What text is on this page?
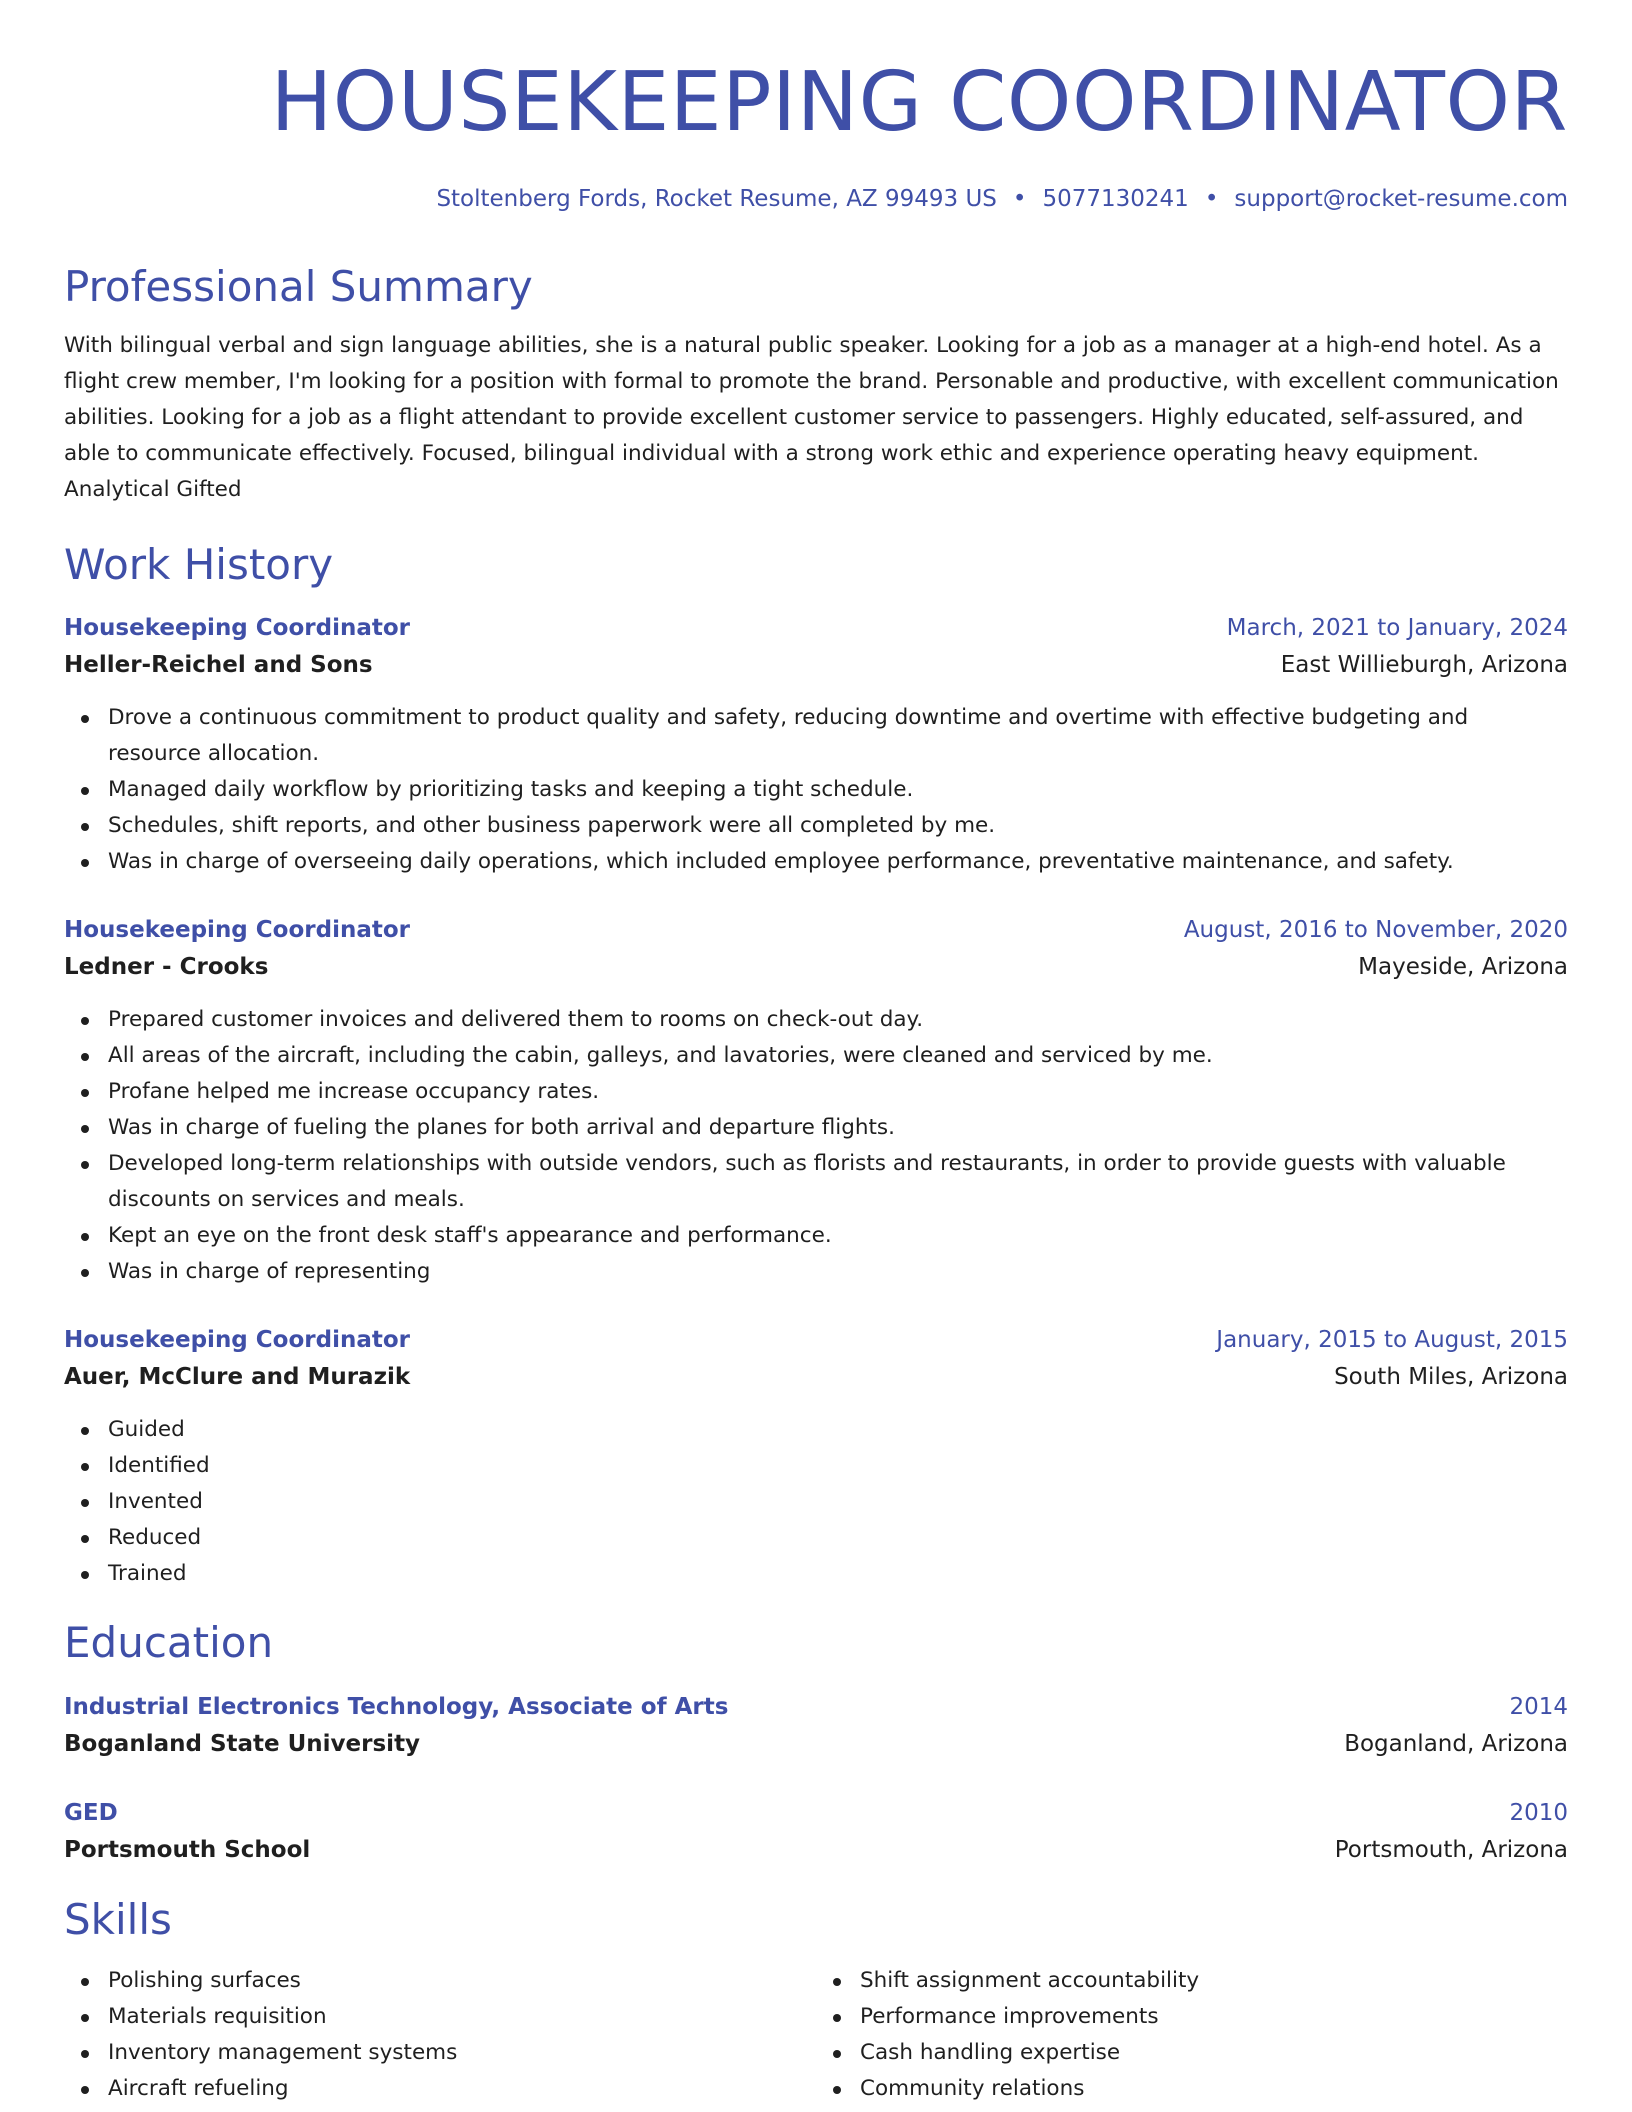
HOUSEKEEPING COORDINATOR
Stoltenberg Fords, Rocket Resume, AZ 99493 US • 5077130241 • support@rocket-resume.com
Professional Summary

With bilingual verbal and sign language abilities, she is a natural public speaker. Looking for a job as a manager at a high-end hotel. As a flight crew member, I'm looking for a position with formal to promote the brand. Personable and productive, with excellent communication abilities. Looking for a job as a flight attendant to provide excellent customer service to passengers. Highly educated, self-assured, and able to communicate effectively. Focused, bilingual individual with a strong work ethic and experience operating heavy equipment. Analytical Gifted

Work History
Housekeeping Coordinator	March, 2021 to January, 2024
Heller-Reichel and Sons	East Willieburgh, Arizona
Drove a continuous commitment to product quality and safety, reducing downtime and overtime with effective budgeting and resource allocation.
Managed daily workflow by prioritizing tasks and keeping a tight schedule.
Schedules, shift reports, and other business paperwork were all completed by me.
Was in charge of overseeing daily operations, which included employee performance, preventative maintenance, and safety.
Housekeeping Coordinator	August, 2016 to November, 2020
Ledner - Crooks	Mayeside, Arizona
Prepared customer invoices and delivered them to rooms on check-out day.
All areas of the aircraft, including the cabin, galleys, and lavatories, were cleaned and serviced by me.
Profane helped me increase occupancy rates.
Was in charge of fueling the planes for both arrival and departure flights.
Developed long-term relationships with outside vendors, such as florists and restaurants, in order to provide guests with valuable discounts on services and meals.
Kept an eye on the front desk staff's appearance and performance.
Was in charge of representing
Housekeeping Coordinator	January, 2015 to August, 2015
Auer, McClure and Murazik	South Miles, Arizona
Guided
Identified
Invented
Reduced
Trained
Education
Industrial Electronics Technology, Associate of Arts	2014
Boganland State University	Boganland, Arizona
GED	2010
Portsmouth School	Portsmouth, Arizona
Skills
Polishing surfaces
Materials requisition
Inventory management systems
Aircraft refueling
Shift assignment accountability
Performance improvements
Cash handling expertise
Community relations
